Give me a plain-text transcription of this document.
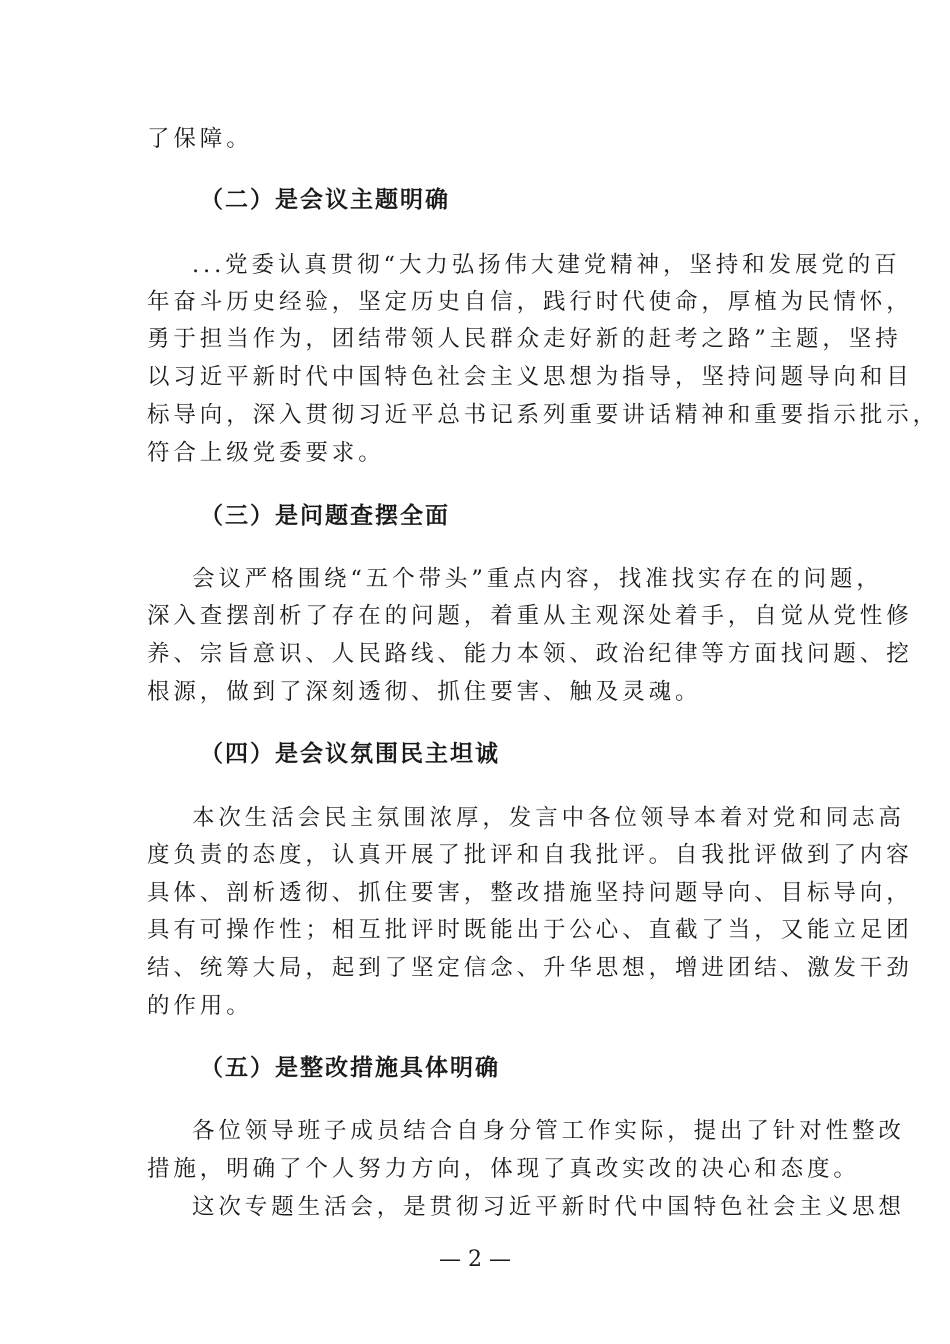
了保障。
（二）是会议主题明确
...党委认真贯彻“大力弘扬伟大建党精神，坚持和发展党的百
年奋斗历史经验，坚定历史自信，践行时代使命，厚植为民情怀，
勇于担当作为，团结带领人民群众走好新的赶考之路”主题，坚持
以习近平新时代中国特色社会主义思想为指导，坚持问题导向和目
标导向，深入贯彻习近平总书记系列重要讲话精神和重要指示批示，
符合上级党委要求。
（三）是问题查摆全面
会议严格围绕“五个带头”重点内容，找准找实存在的问题，
深入查摆剖析了存在的问题，着重从主观深处着手，自觉从党性修
养、宗旨意识、人民路线、能力本领、政治纪律等方面找问题、挖
根源，做到了深刻透彻、抓住要害、触及灵魂。
（四）是会议氛围民主坦诚
本次生活会民主氛围浓厚，发言中各位领导本着对党和同志高
度负责的态度，认真开展了批评和自我批评。自我批评做到了内容
具体、剖析透彻、抓住要害，整改措施坚持问题导向、目标导向，
具有可操作性；相互批评时既能出于公心、直截了当，又能立足团
结、统筹大局，起到了坚定信念、升华思想，增进团结、激发干劲
的作用。
（五）是整改措施具体明确
各位领导班子成员结合自身分管工作实际，提出了针对性整改
措施，明确了个人努力方向，体现了真改实改的决心和态度。
这次专题生活会，是贯彻习近平新时代中国特色社会主义思想
— 2 —
